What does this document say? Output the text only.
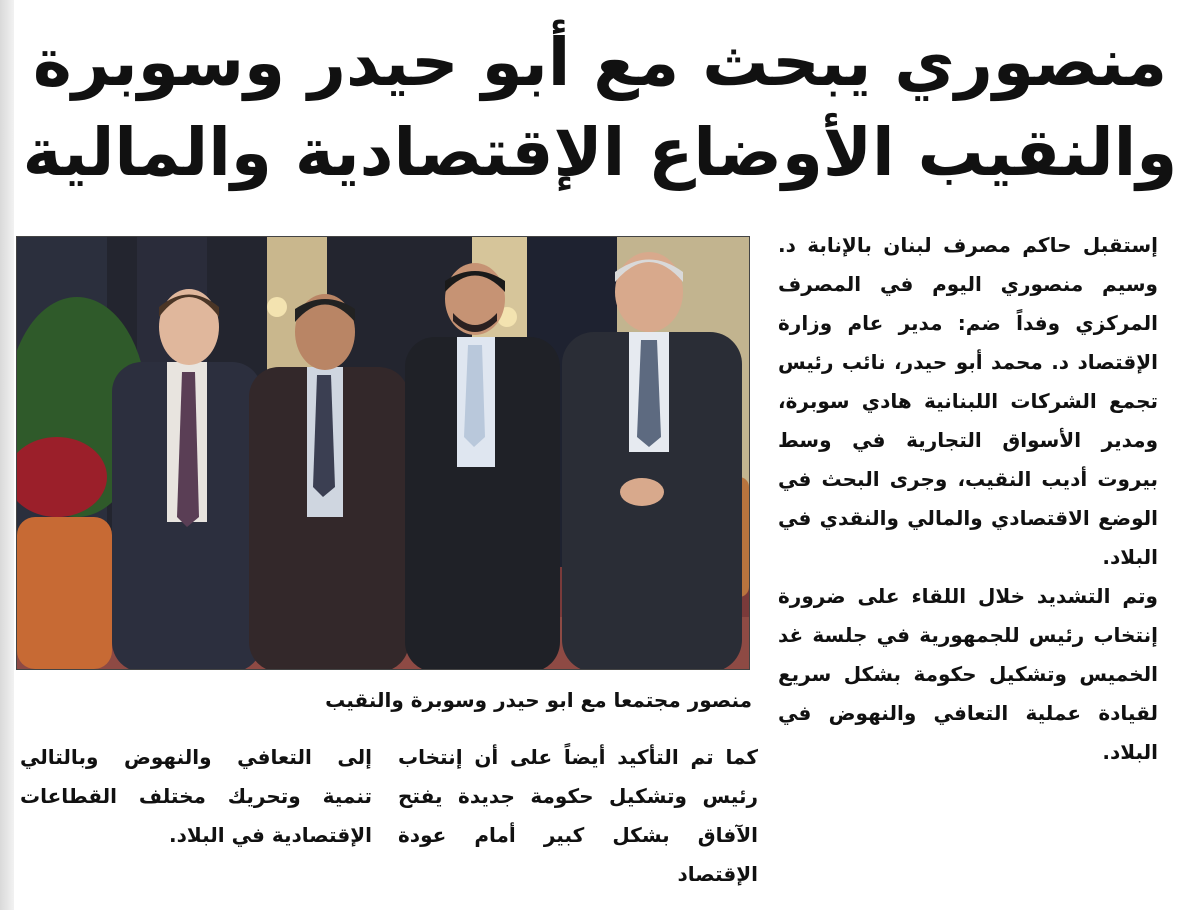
منصوري يبحث مع أبو حيدر وسوبرة
والنقيب الأوضاع الإقتصادية والمالية
منصور مجتمعا مع ابو حيدر وسوبرة والنقيب

إستقبل حاكم مصرف لبنان بالإنابة د. وسيم منصوري اليوم في المصرف المركزي وفداً ضم: مدير عام وزارة الإقتصاد د. محمد أبو حيدر، نائب رئيس تجمع الشركات اللبنانية هادي سوبرة، ومدير الأسواق التجارية في وسط بيروت أديب النقيب، وجرى البحث في الوضع الاقتصادي والمالي والنقدي في البلاد.

وتم التشديد خلال اللقاء على ضرورة إنتخاب رئيس للجمهورية في جلسة غد الخميس وتشكيل حكومة بشكل سريع لقيادة عملية التعافي والنهوض في البلاد.

كما تم التأكيد أيضاً على أن إنتخاب رئيس وتشكيل حكومة جديدة يفتح الآفاق بشكل كبير أمام عودة الإقتصاد

إلى التعافي والنهوض وبالتالي تنمية وتحريك مختلف القطاعات الإقتصادية في البلاد.
